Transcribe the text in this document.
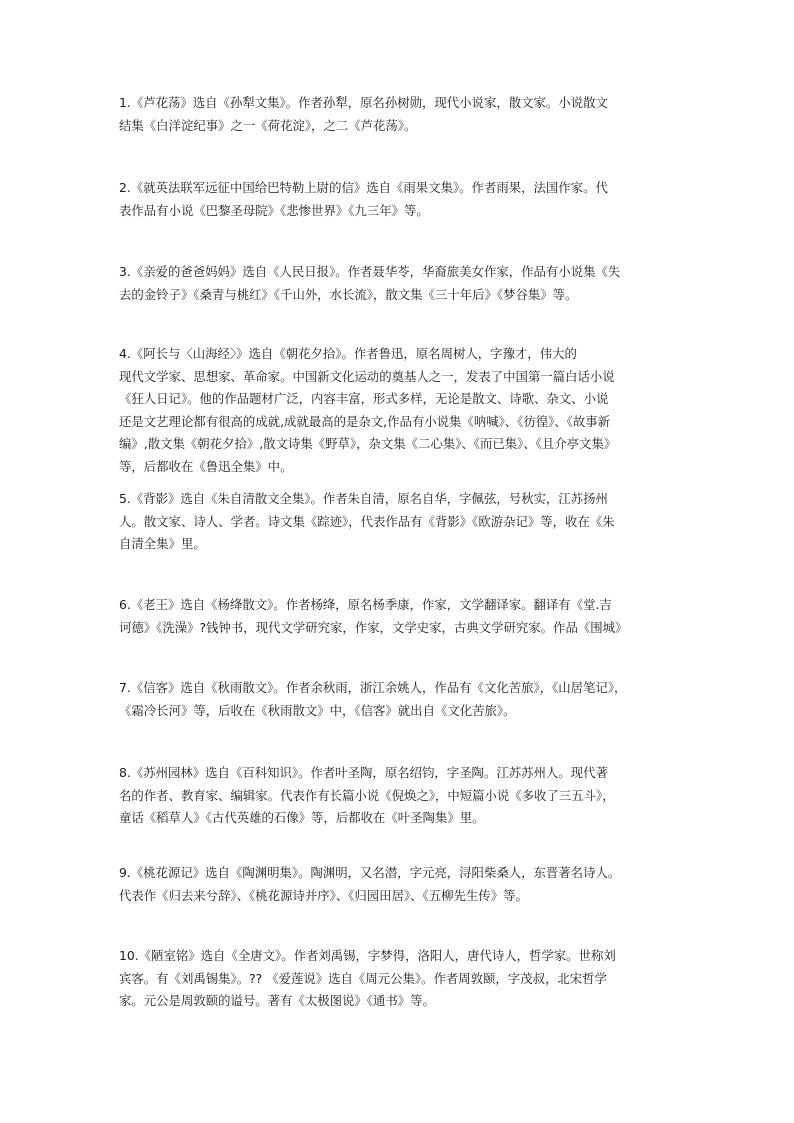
1.《芦花荡》选自《孙犁文集》。作者孙犁，原名孙树勋，现代小说家，散文家。小说散文
结集《白洋淀纪事》之一《荷花淀》，之二《芦花荡》。

2.《就英法联军远征中国给巴特勒上尉的信》选自《雨果文集》。作者雨果，法国作家。代
表作品有小说《巴黎圣母院》《悲惨世界》《九三年》等。

3.《亲爱的爸爸妈妈》选自《人民日报》。作者聂华苓，华裔旅美女作家，作品有小说集《失
去的金铃子》《桑青与桃红》《千山外，水长流》，散文集《三十年后》《梦谷集》等。

4.《阿长与〈山海经〉》选自《朝花夕拾》。作者鲁迅，原名周树人，字豫才，伟大的
现代文学家、思想家、革命家。中国新文化运动的奠基人之一，发表了中国第一篇白话小说
《狂人日记》。他的作品题材广泛，内容丰富，形式多样，无论是散文、诗歌、杂文、小说
还是文艺理论都有很高的成就,成就最高的是杂文,作品有小说集《呐喊》、《彷徨》、《故事新
编》,散文集《朝花夕拾》,散文诗集《野草》，杂文集《二心集》、《而已集》、《且介亭文集》
等，后都收在《鲁迅全集》中。

5.《背影》选自《朱自清散文全集》。作者朱自清，原名自华，字佩弦，号秋实，江苏扬州
人。散文家、诗人、学者。诗文集《踪迹》，代表作品有《背影》《欧游杂记》等，收在《朱
自清全集》里。

6.《老王》选自《杨绛散文》。作者杨绛，原名杨季康，作家，文学翻译家。翻译有《堂.吉
诃德》《洗澡》?钱钟书，现代文学研究家，作家，文学史家，古典文学研究家。作品《围城》

7.《信客》选自《秋雨散文》。作者余秋雨，浙江余姚人，作品有《文化苦旅》，《山居笔记》，
《霜冷长河》等，后收在《秋雨散文》中，《信客》就出自《文化苦旅》。

8.《苏州园林》选自《百科知识》。作者叶圣陶，原名绍钧，字圣陶。江苏苏州人。现代著
名的作者、教育家、编辑家。代表作有长篇小说《倪焕之》，中短篇小说《多收了三五斗》，
童话《稻草人》《古代英雄的石像》等，后都收在《叶圣陶集》里。

9.《桃花源记》选自《陶渊明集》。陶渊明，又名潜，字元亮，浔阳柴桑人，东晋著名诗人。
代表作《归去来兮辞》、《桃花源诗并序》、《归园田居》、《五柳先生传》等。

10.《陋室铭》选自《全唐文》。作者刘禹锡，字梦得，洛阳人，唐代诗人，哲学家。世称刘
宾客。有《刘禹锡集》。?? 《爱莲说》选自《周元公集》。作者周敦颐，字茂叔，北宋哲学
家。元公是周敦颐的谥号。著有《太极图说》《通书》等。
